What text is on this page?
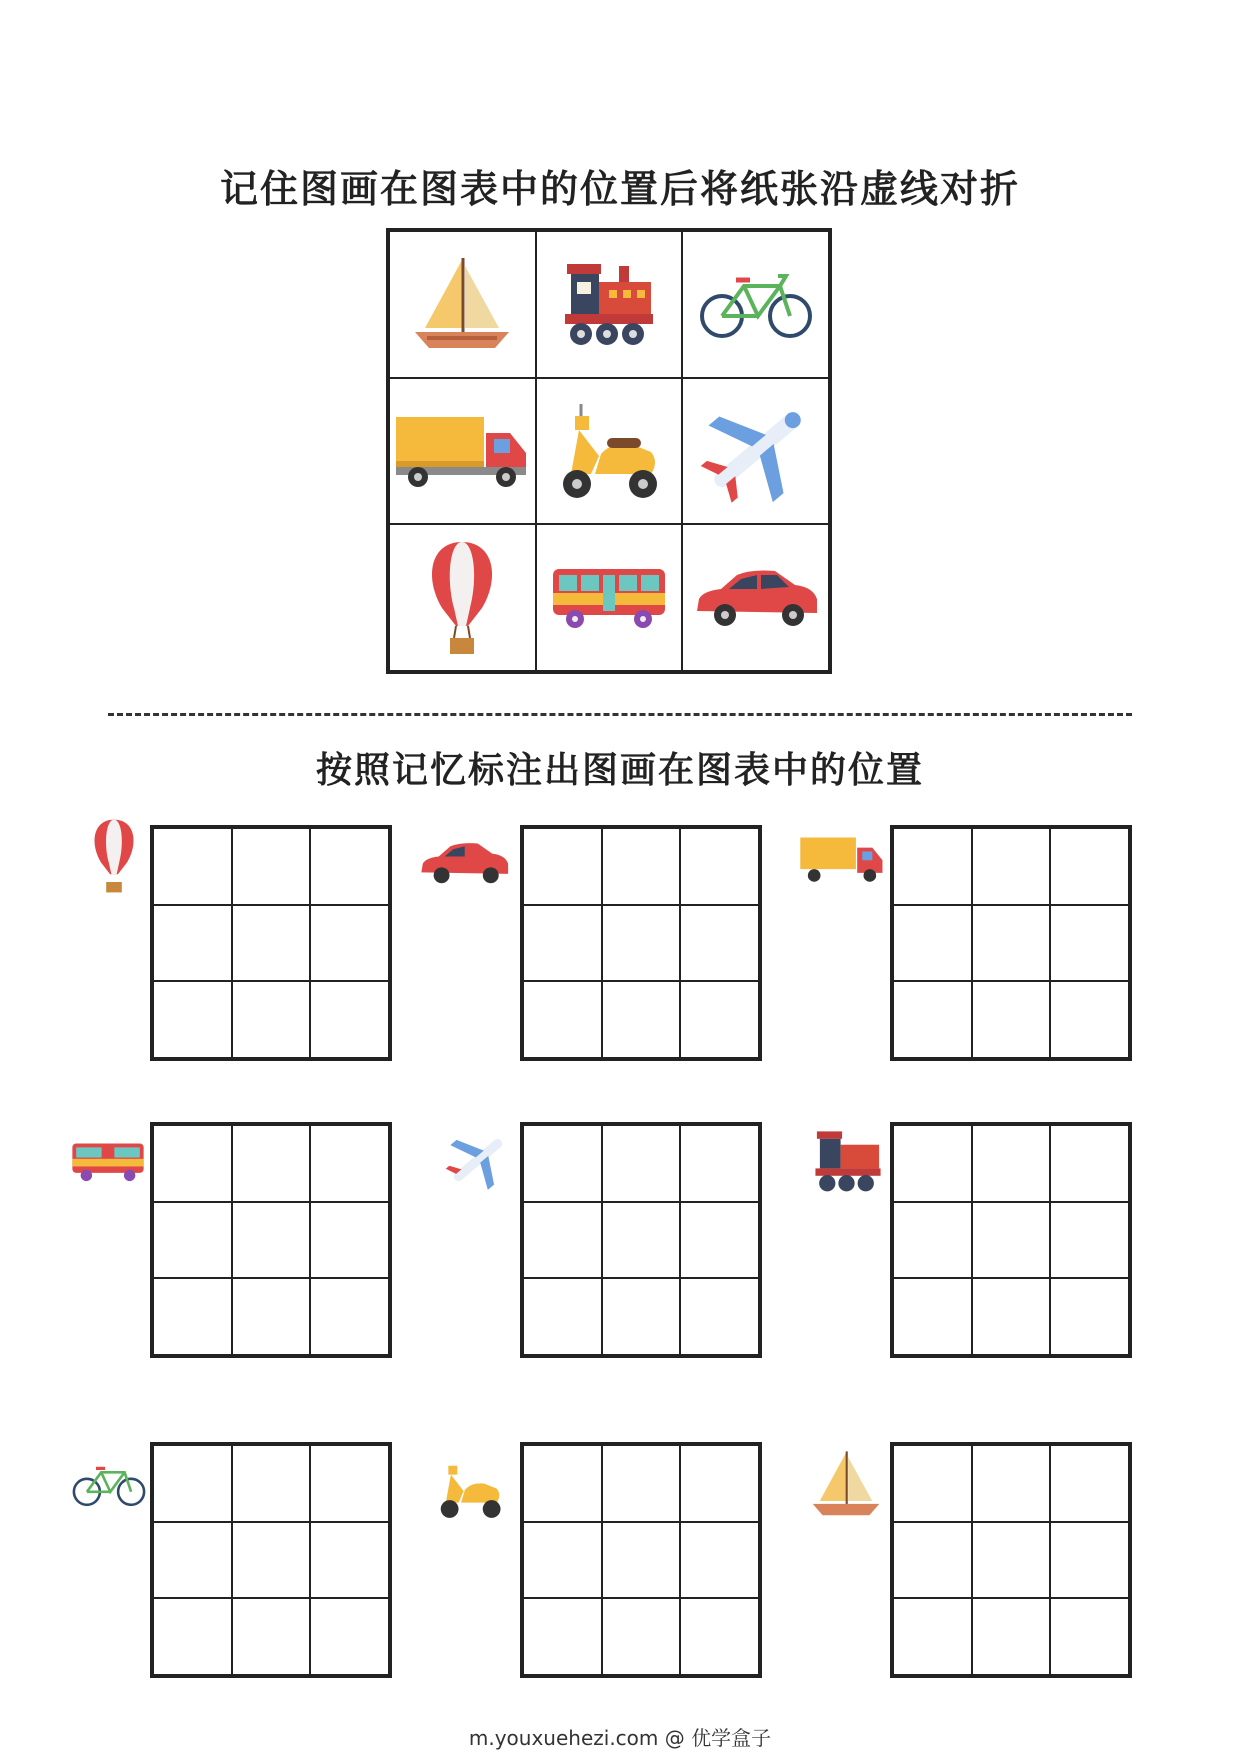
记住图画在图表中的位置后将纸张沿虚线对折
按照记忆标注出图画在图表中的位置
m.youxuehezi.com @ 优学盒子
